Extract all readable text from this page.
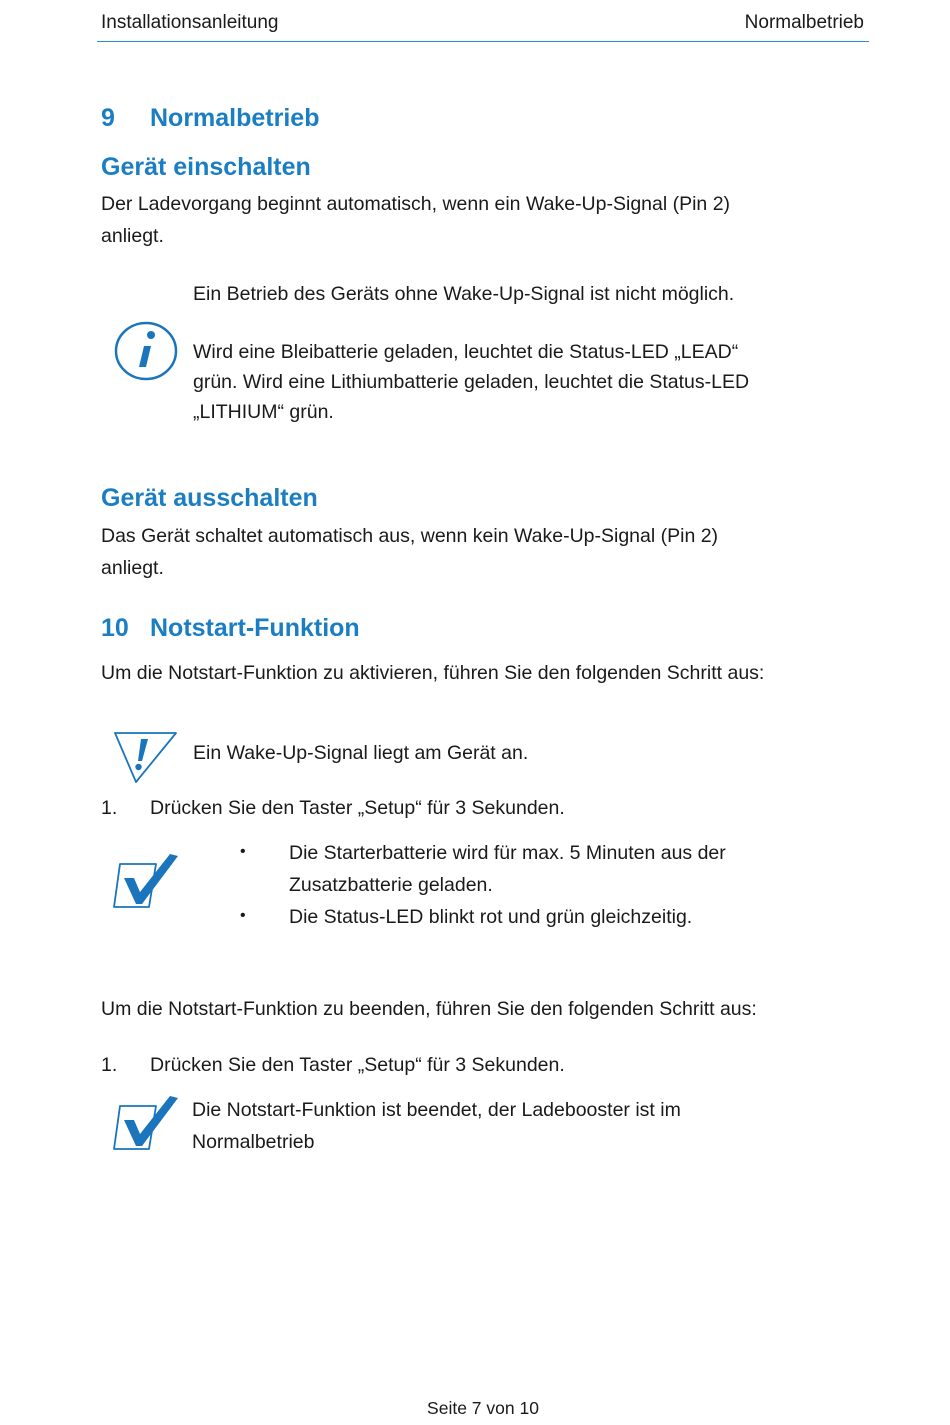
Installationsanleitung	Normalbetrieb

9 Normalbetrieb
Gerät einschalten

Der Ladevorgang beginnt automatisch, wenn ein Wake-Up-Signal (Pin 2)

anliegt.

Ein Betrieb des Geräts ohne Wake-Up-Signal ist nicht möglich.

Wird eine Bleibatterie geladen, leuchtet die Status-LED „LEAD“

grün. Wird eine Lithiumbatterie geladen, leuchtet die Status-LED

„LITHIUM“ grün.

Gerät ausschalten

Das Gerät schaltet automatisch aus, wenn kein Wake-Up-Signal (Pin 2)

anliegt.

10 Notstart-Funktion

Um die Notstart-Funktion zu aktivieren, führen Sie den folgenden Schritt aus:

Ein Wake-Up-Signal liegt am Gerät an.

1. Drücken Sie den Taster „Setup“ für 3 Sekunden.

• Die Starterbatterie wird für max. 5 Minuten aus der

Zusatzbatterie geladen.

• Die Status-LED blinkt rot und grün gleichzeitig.

Um die Notstart-Funktion zu beenden, führen Sie den folgenden Schritt aus:

1. Drücken Sie den Taster „Setup“ für 3 Sekunden.

Die Notstart-Funktion ist beendet, der Ladebooster ist im

Normalbetrieb

Seite 7 von 10
